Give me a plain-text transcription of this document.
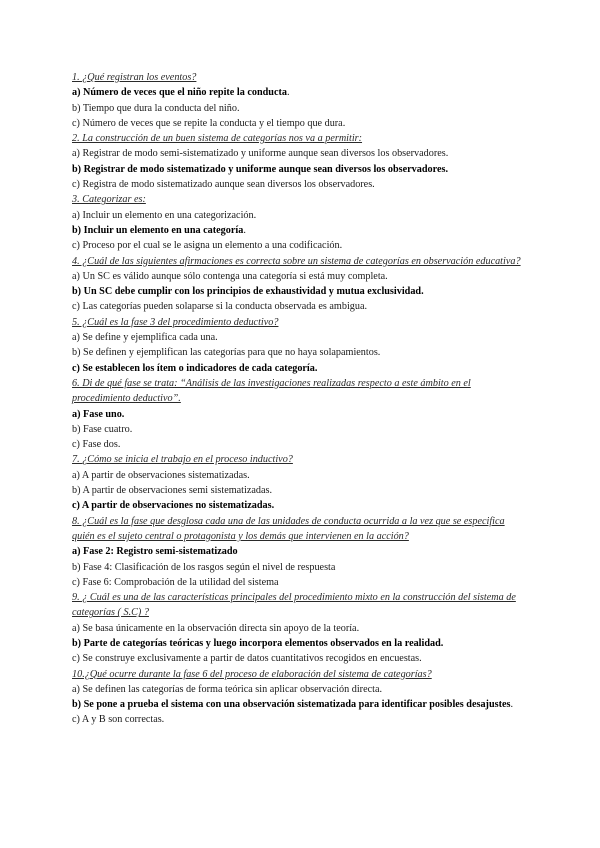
1. ¿Qué registran los eventos?

a) Número de veces que el niño repite la conducta.

b) Tiempo que dura la conducta del niño.

c) Número de veces que se repite la conducta y el tiempo que dura.

2. La construcción de un buen sistema de categorías nos va a permitir:

a) Registrar de modo semi-sistematizado y uniforme aunque sean diversos los observadores.

b) Registrar de modo sistematizado y uniforme aunque sean diversos los observadores.

c) Registra de modo sistematizado aunque sean diversos los observadores.

3. Categorizar es:

a) Incluir un elemento en una categorización.

b) Incluir un elemento en una categoría.

c) Proceso por el cual se le asigna un elemento a una codificación.

4. ¿Cuál de las siguientes afirmaciones es correcta sobre un sistema de categorías en observación educativa?

a) Un SC es válido aunque sólo contenga una categoría si está muy completa.

b) Un SC debe cumplir con los principios de exhaustividad y mutua exclusividad.

c) Las categorías pueden solaparse si la conducta observada es ambigua.

5. ¿Cuál es la fase 3 del procedimiento deductivo?

a) Se define y ejemplifica cada una.

b) Se definen y ejemplifican las categorías para que no haya solapamientos.

c) Se establecen los ítem o indicadores de cada categoría.

6. Di de qué fase se trata: “Análisis de las investigaciones realizadas respecto a este ámbito en el procedimiento deductivo”.

a) Fase uno.

b) Fase cuatro.

c) Fase dos.

7. ¿Cómo se inicia el trabajo en el proceso inductivo?

a) A partir de observaciones sistematizadas.

b) A partir de observaciones semi sistematizadas.

c) A partir de observaciones no sistematizadas.

8. ¿Cuál es la fase que desglosa cada una de las unidades de conducta ocurrida a la vez que se especifica quién es el sujeto central o protagonista y los demás que intervienen en la acción?

a) Fase 2: Registro semi-sistematizado

b) Fase 4: Clasificación de los rasgos según el nivel de respuesta

c) Fase 6: Comprobación de la utilidad del sistema

9. ¿ Cuál es una de las características principales del procedimiento mixto en la construcción del sistema de categorías ( S.C) ?

a) Se basa únicamente en la observación directa sin apoyo de la teoría.

b) Parte de categorías teóricas y luego incorpora elementos observados en la realidad.

c) Se construye exclusivamente a partir de datos cuantitativos recogidos en encuestas.

10.¿Qué ocurre durante la fase 6 del proceso de elaboración del sistema de categorías?

a) Se definen las categorías de forma teórica sin aplicar observación directa.

b) Se pone a prueba el sistema con una observación sistematizada para identificar posibles desajustes.

c) A y B son correctas.
